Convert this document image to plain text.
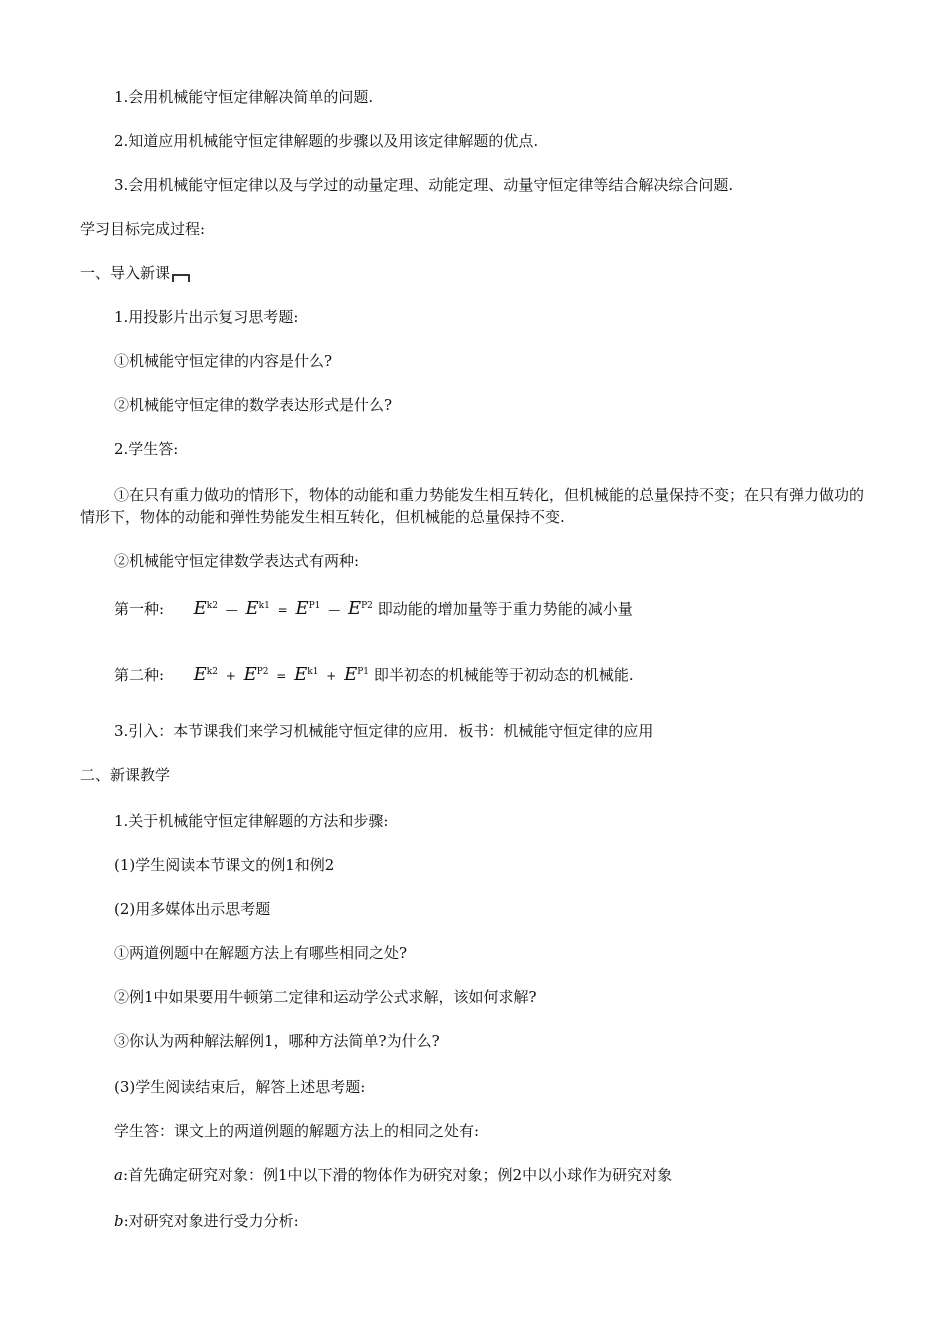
1.会用机械能守恒定律解决简单的问题.
2.知道应用机械能守恒定律解题的步骤以及用该定律解题的优点.
3.会用机械能守恒定律以及与学过的动量定理、动能定理、动量守恒定律等结合解决综合问题.
学习目标完成过程:
一、导入新课
1.用投影片出示复习思考题:
①机械能守恒定律的内容是什么?
②机械能守恒定律的数学表达形式是什么?
2.学生答:
①在只有重力做功的情形下，物体的动能和重力势能发生相互转化，但机械能的总量保持不变；在只有弹力做功的情形下，物体的动能和弹性势能发生相互转化，但机械能的总量保持不变.
②机械能守恒定律数学表达式有两种:
第一种: $E^{k2}$ — $E^{k1} = E^{P1}$ — $E^{P2}$ 即动能的增加量等于重力势能的减小量
第二种: $E^{k2} + E^{P2} = E^{k1} + E^{P1}$ 即半初态的机械能等于初动态的机械能.
3.引入：本节课我们来学习机械能守恒定律的应用．板书：机械能守恒定律的应用
二、新课教学
1.关于机械能守恒定律解题的方法和步骤:
(1)学生阅读本节课文的例1和例2
(2)用多媒体出示思考题
①两道例题中在解题方法上有哪些相同之处?
②例1中如果要用牛顿第二定律和运动学公式求解，该如何求解?
③你认为两种解法解例1，哪种方法简单?为什么?
(3)学生阅读结束后，解答上述思考题:
学生答：课文上的两道例题的解题方法上的相同之处有:
a:首先确定研究对象：例1中以下滑的物体作为研究对象；例2中以小球作为研究对象
b:对研究对象进行受力分析:
